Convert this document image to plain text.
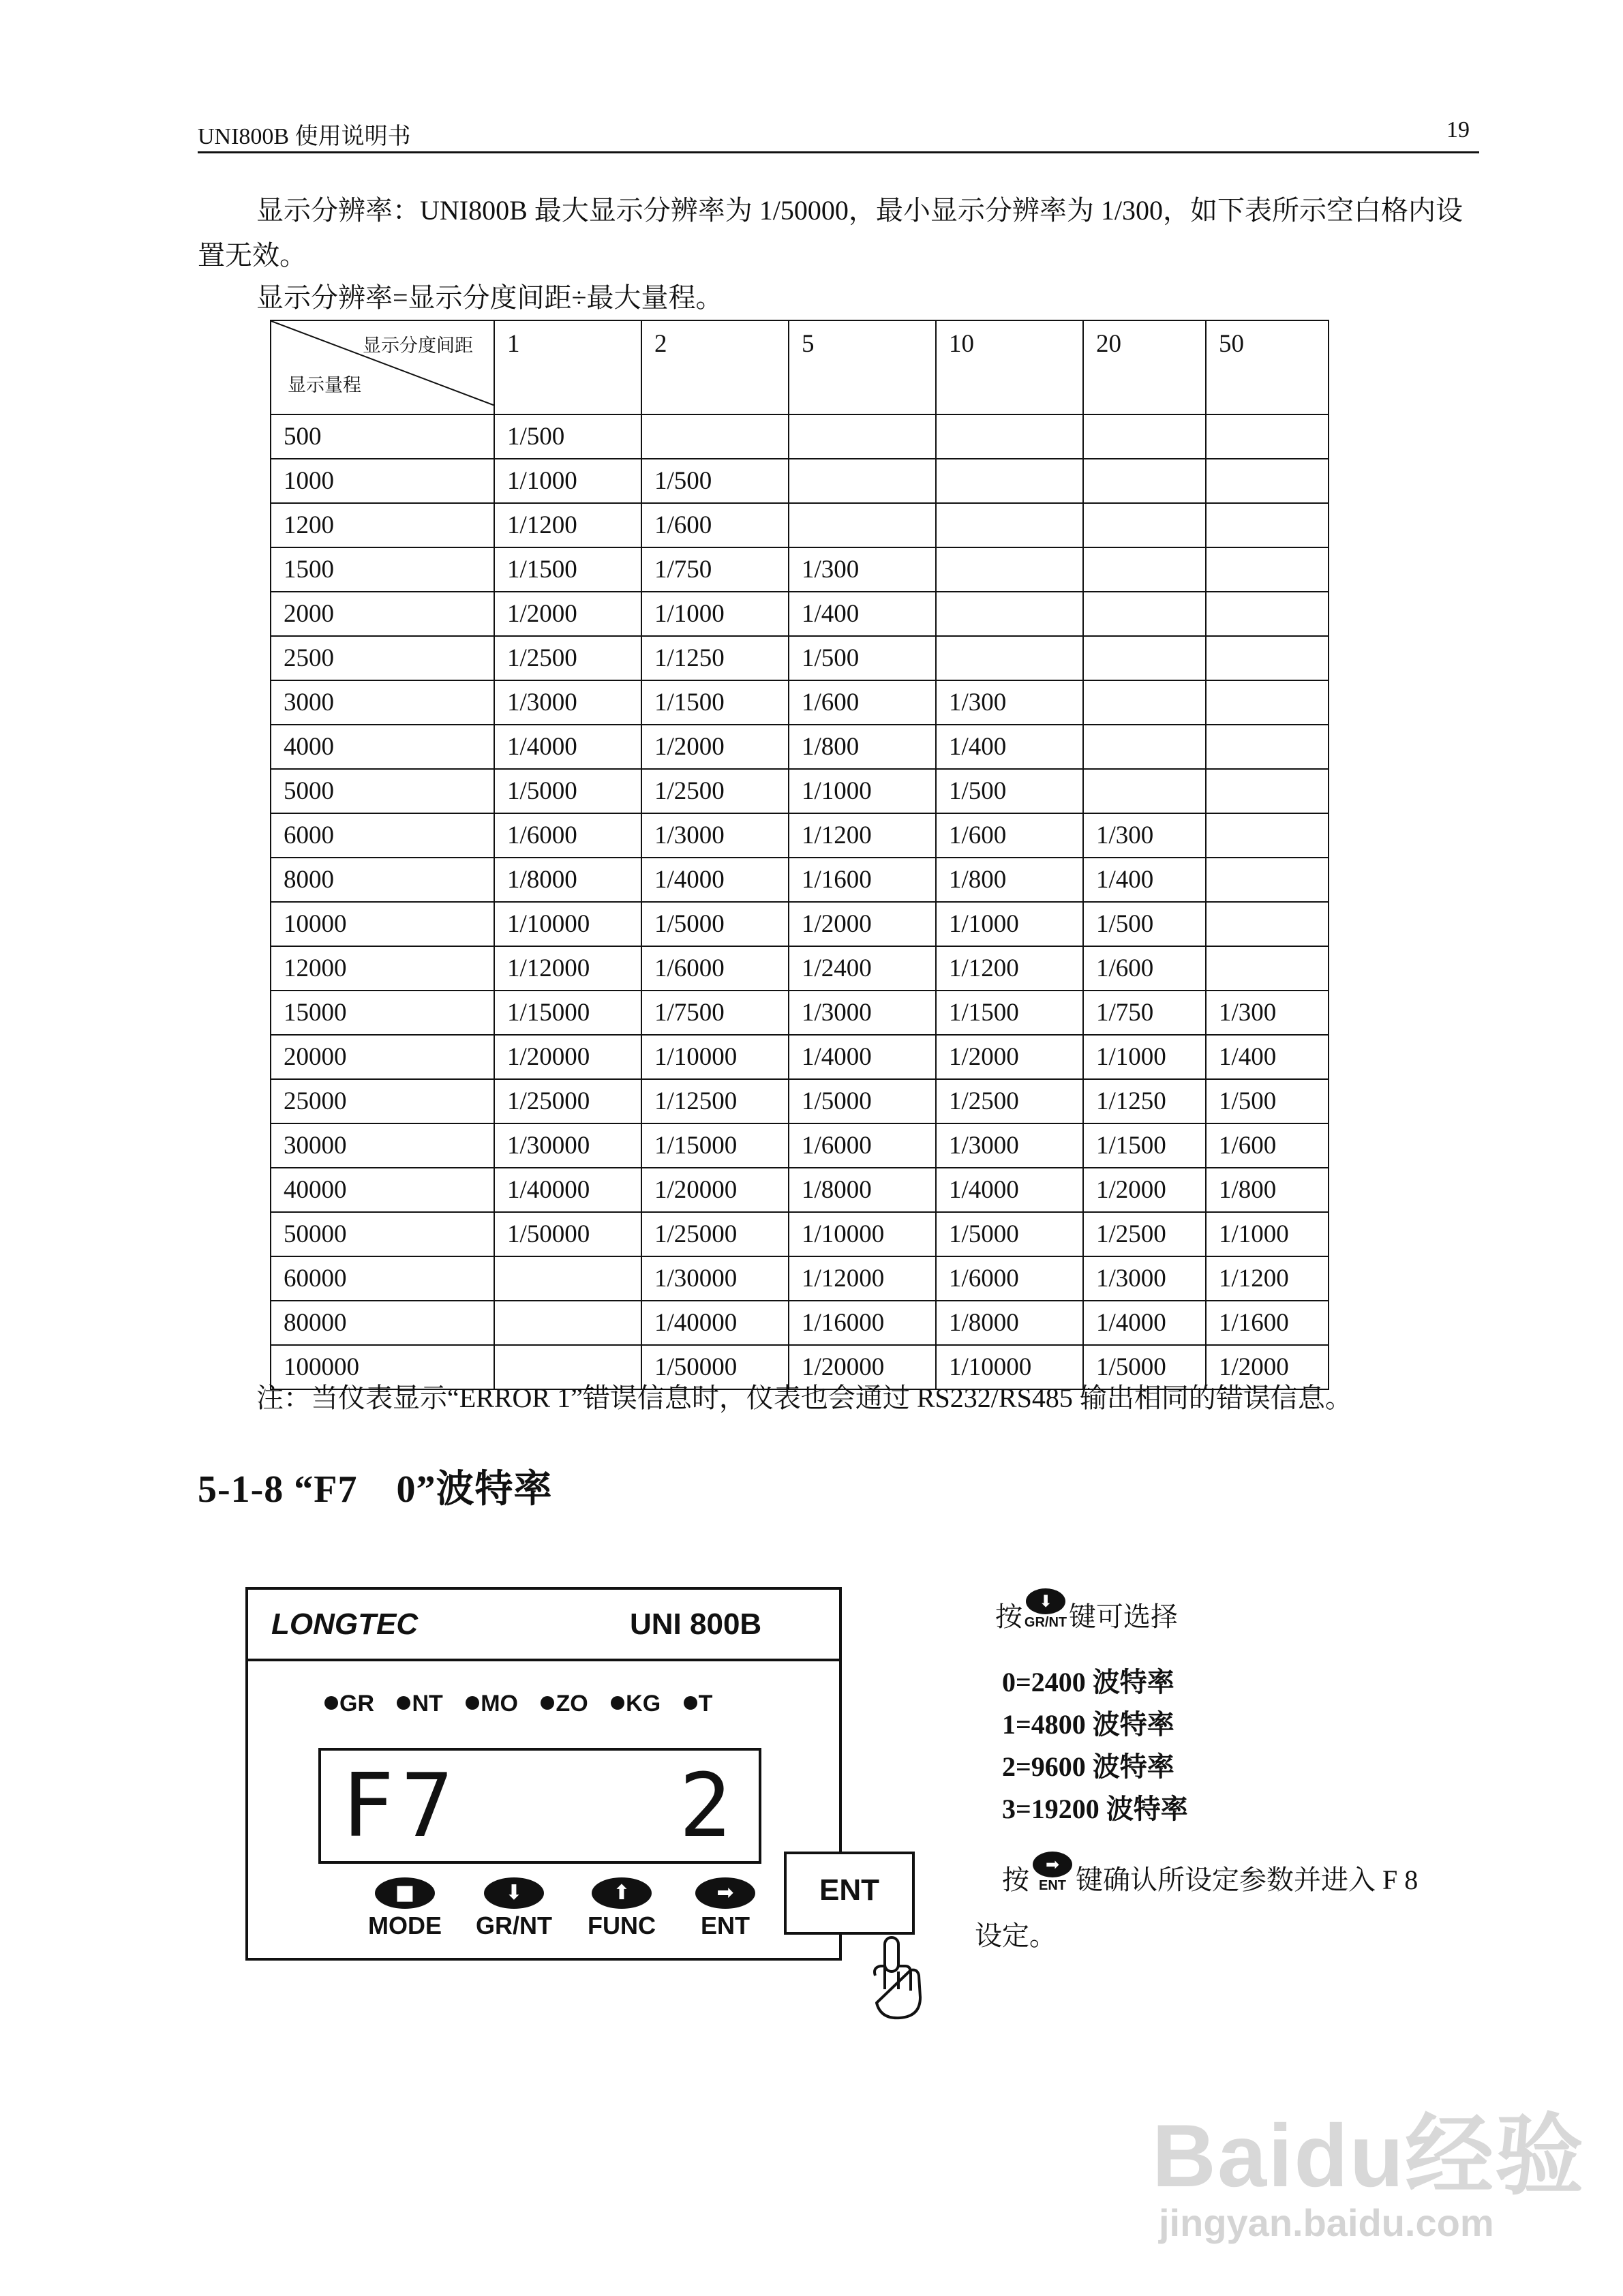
UNI800B 使用说明书	19
显示分辨率：UNI800B 最大显示分辨率为 1/50000，最小显示分辨率为 1/300，如下表所示空白格内设置无效。
显示分辨率=显示分度间距÷最大量程。
显示分度间距
显示量程	1	2	5	10	20	50
500	1/500					
1000	1/1000	1/500				
1200	1/1200	1/600				
1500	1/1500	1/750	1/300			
2000	1/2000	1/1000	1/400			
2500	1/2500	1/1250	1/500			
3000	1/3000	1/1500	1/600	1/300		
4000	1/4000	1/2000	1/800	1/400		
5000	1/5000	1/2500	1/1000	1/500		
6000	1/6000	1/3000	1/1200	1/600	1/300	
8000	1/8000	1/4000	1/1600	1/800	1/400	
10000	1/10000	1/5000	1/2000	1/1000	1/500	
12000	1/12000	1/6000	1/2400	1/1200	1/600	
15000	1/15000	1/7500	1/3000	1/1500	1/750	1/300
20000	1/20000	1/10000	1/4000	1/2000	1/1000	1/400
25000	1/25000	1/12500	1/5000	1/2500	1/1250	1/500
30000	1/30000	1/15000	1/6000	1/3000	1/1500	1/600
40000	1/40000	1/20000	1/8000	1/4000	1/2000	1/800
50000	1/50000	1/25000	1/10000	1/5000	1/2500	1/1000
60000		1/30000	1/12000	1/6000	1/3000	1/1200
80000		1/40000	1/16000	1/8000	1/4000	1/1600
100000		1/50000	1/20000	1/10000	1/5000	1/2000
注：当仪表显示“ERROR 1”错误信息时，仪表也会通过 RS232/RS485 输出相同的错误信息。
5-1-8 “F7　0”波特率
LONGTEC	UNI 800B
GR NT MO ZO KG T
F7	2
■
MODE
⬇
GR/NT
⬆
FUNC
➡
ENT
ENT
按 ⬇
GR/NT 键可选择
0=2400 波特率
1=4800 波特率
2=9600 波特率
3=19200 波特率
按 ➡
ENT 键确认所设定参数并进入 F 8
设定。
Baidu经验
jingyan.baidu.com
